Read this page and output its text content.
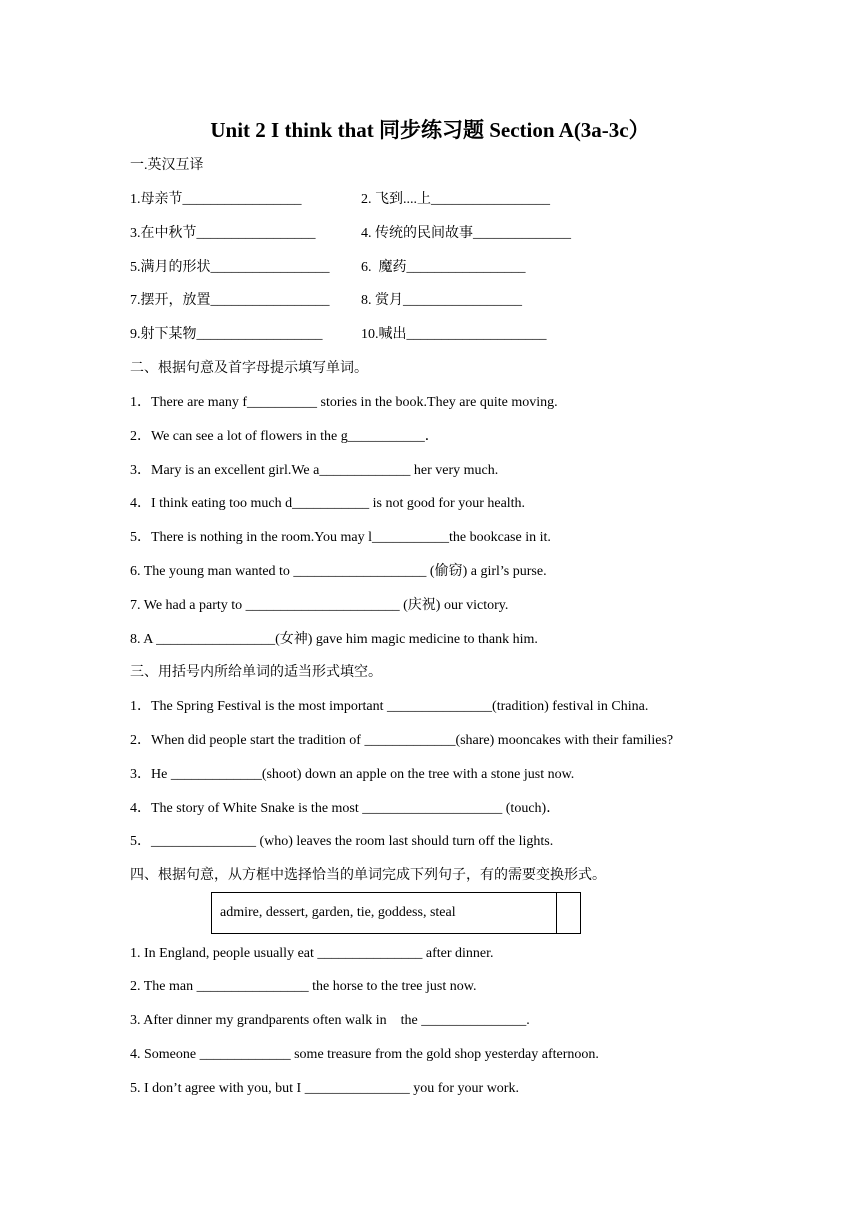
Unit 2 I think that 同步练习题 Section A(3a-3c）
一.英汉互译
1.母亲节_________________	2. 飞到....上_________________
3.在中秋节_________________	4. 传统的民间故事______________
5.满月的形状_________________ 6.  魔药_________________
7.摆开，放置_________________ 8. 赏月_________________
9.射下某物__________________	10.喊出____________________
二、根据句意及首字母提示填写单词。
1．There are many f__________ stories in the book.They are quite moving.
2．We can see a lot of flowers in the g___________．
3．Mary is an excellent girl.We a_____________ her very much.
4．I think eating too much d___________ is not good for your health.
5．There is nothing in the room.You may l___________the bookcase in it.
6. The young man wanted to ___________________ (偷窃) a girl’s purse.
7. We had a party to ______________________ (庆祝) our victory.
8. A _________________(女神) gave him magic medicine to thank him.
三、用括号内所给单词的适当形式填空。
1．The Spring Festival is the most important _______________(tradition) festival in China.
2．When did people start the tradition of _____________(share) mooncakes with their families?
3．He _____________(shoot) down an apple on the tree with a stone just now.
4．The story of White Snake is the most ____________________ (touch)．
5．_______________ (who) leaves the room last should turn off the lights.
四、根据句意，从方框中选择恰当的单词完成下列句子，有的需要变换形式。
admire, dessert, garden, tie, goddess, steal
1. In England, people usually eat _______________ after dinner.
2. The man ________________ the horse to the tree just now.
3. After dinner my grandparents often walk in    the _______________.
4. Someone _____________ some treasure from the gold shop yesterday afternoon.
5. I don’t agree with you, but I _______________ you for your work.
